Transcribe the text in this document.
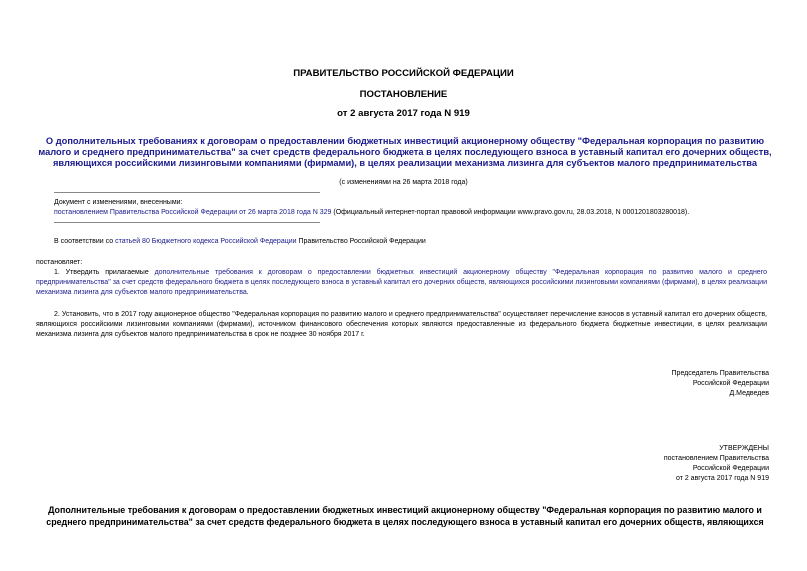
ПРАВИТЕЛЬСТВО РОССИЙСКОЙ ФЕДЕРАЦИИ
ПОСТАНОВЛЕНИЕ
от 2 августа 2017 года N 919
О дополнительных требованиях к договорам о предоставлении бюджетных инвестиций акционерному обществу "Федеральная корпорация по развитию малого и среднего предпринимательства" за счет средств федерального бюджета в целях последующего взноса в уставный капитал его дочерних обществ, являющихся российскими лизинговыми компаниями (фирмами), в целях реализации механизма лизинга для субъектов малого предпринимательства
(с изменениями на 26 марта 2018 года)
Документ с изменениями, внесенными:
постановлением Правительства Российской Федерации от 26 марта 2018 года N 329 (Официальный интернет-портал правовой информации www.pravo.gov.ru, 28.03.2018, N 0001201803280018).
В соответствии со статьей 80 Бюджетного кодекса Российской Федерации Правительство Российской Федерации
постановляет:
1. Утвердить прилагаемые дополнительные требования к договорам о предоставлении бюджетных инвестиций акционерному обществу "Федеральная корпорация по развитию малого и среднего предпринимательства" за счет средств федерального бюджета в целях последующего взноса в уставный капитал его дочерних обществ, являющихся российскими лизинговыми компаниями (фирмами), в целях реализации механизма лизинга для субъектов малого предпринимательства.
2. Установить, что в 2017 году акционерное общество "Федеральная корпорация по развитию малого и среднего предпринимательства" осуществляет перечисление взносов в уставный капитал его дочерних обществ, являющихся российскими лизинговыми компаниями (фирмами), источником финансового обеспечения которых являются предоставленные из федерального бюджета бюджетные инвестиции, в целях реализации механизма лизинга для субъектов малого предпринимательства в срок не позднее 30 ноября 2017 г.
Председатель Правительства
Российской Федерации
Д.Медведев
УТВЕРЖДЕНЫ
постановлением Правительства
Российской Федерации
от 2 августа 2017 года N 919
Дополнительные требования к договорам о предоставлении бюджетных инвестиций акционерному обществу "Федеральная корпорация по развитию малого и
среднего предпринимательства" за счет средств федерального бюджета в целях последующего взноса в уставный капитал его дочерних обществ, являющихся
